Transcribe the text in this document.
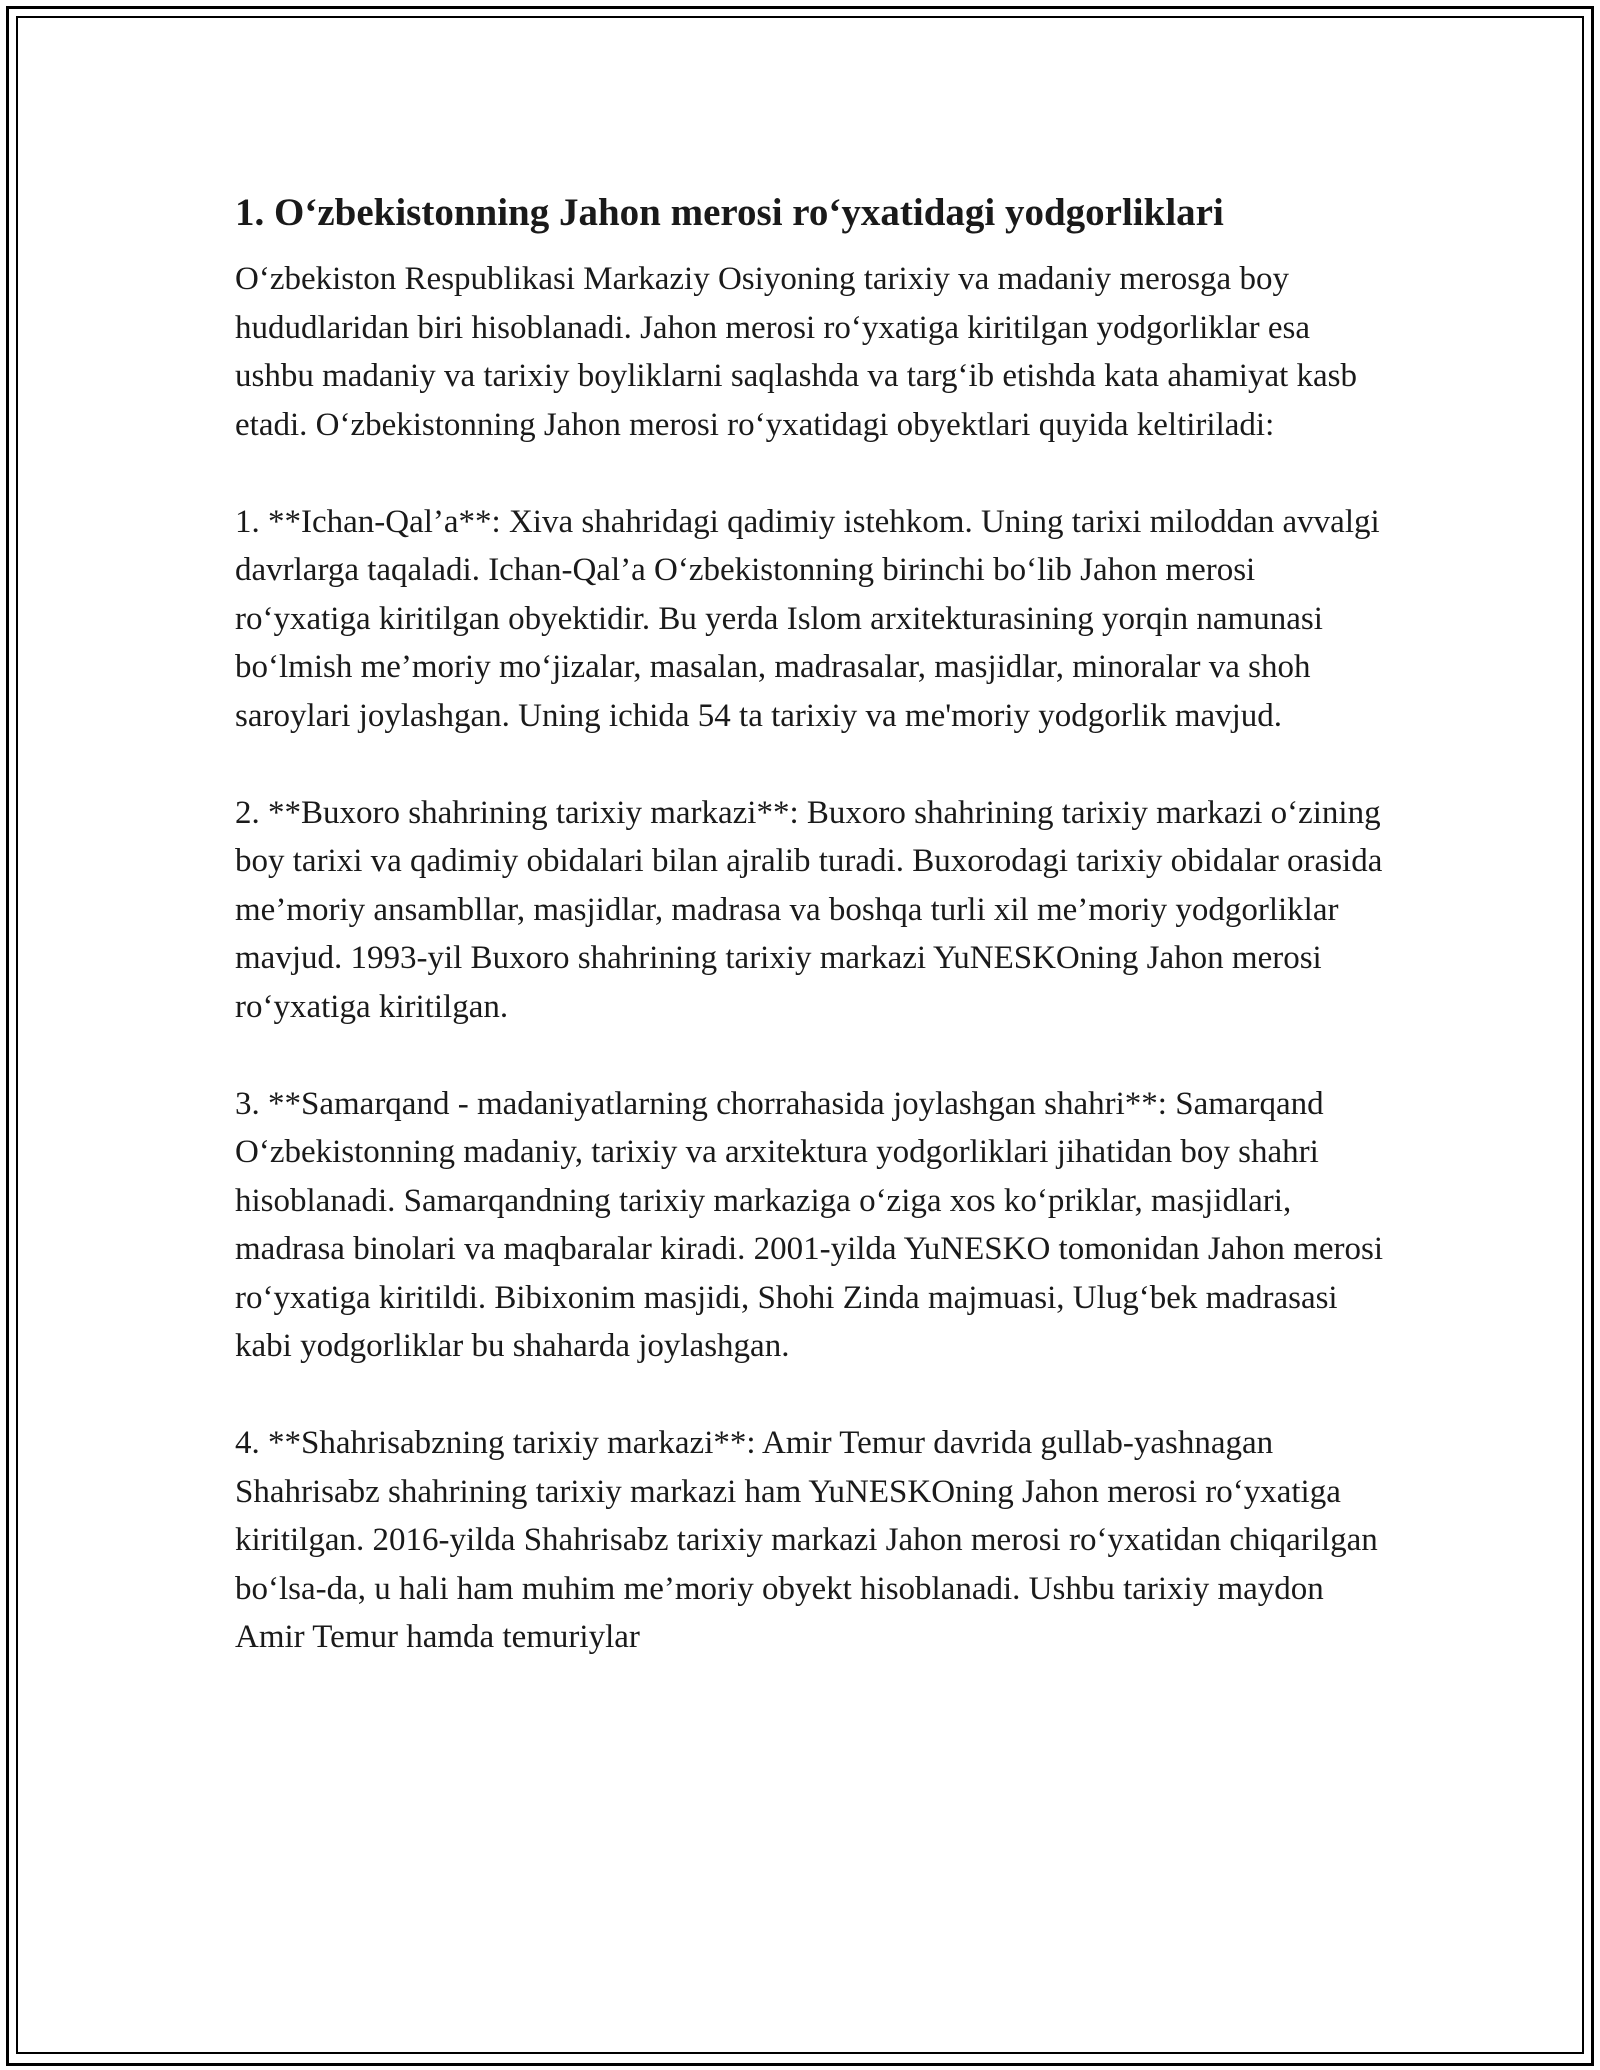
1. O‘zbekistonning Jahon merosi ro‘yxatidagi yodgorliklari

O‘zbekiston Respublikasi Markaziy Osiyoning tarixiy va madaniy merosga boy hududlaridan biri hisoblanadi. Jahon merosi ro‘yxatiga kiritilgan yodgorliklar esa ushbu madaniy va tarixiy boyliklarni saqlashda va targ‘ib etishda kata ahamiyat kasb etadi. O‘zbekistonning Jahon merosi ro‘yxatidagi obyektlari quyida keltiriladi:

1. **Ichan-Qal’a**: Xiva shahridagi qadimiy istehkom. Uning tarixi miloddan avvalgi davrlarga taqaladi. Ichan-Qal’a O‘zbekistonning birinchi bo‘lib Jahon merosi ro‘yxatiga kiritilgan obyektidir. Bu yerda Islom arxitekturasining yorqin namunasi bo‘lmish me’moriy mo‘jizalar, masalan, madrasalar, masjidlar, minoralar va shoh saroylari joylashgan. Uning ichida 54 ta tarixiy va me'moriy yodgorlik mavjud.

2. **Buxoro shahrining tarixiy markazi**: Buxoro shahrining tarixiy markazi o‘zining boy tarixi va qadimiy obidalari bilan ajralib turadi. Buxorodagi tarixiy obidalar orasida me’moriy ansambllar, masjidlar, madrasa va boshqa turli xil me’moriy yodgorliklar mavjud. 1993-yil Buxoro shahrining tarixiy markazi YuNESKOning Jahon merosi ro‘yxatiga kiritilgan.

3. **Samarqand - madaniyatlarning chorrahasida joylashgan shahri**: Samarqand O‘zbekistonning madaniy, tarixiy va arxitektura yodgorliklari jihatidan boy shahri hisoblanadi. Samarqandning tarixiy markaziga o‘ziga xos ko‘priklar, masjidlari, madrasa binolari va maqbaralar kiradi. 2001-yilda YuNESKO tomonidan Jahon merosi ro‘yxatiga kiritildi. Bibixonim masjidi, Shohi Zinda majmuasi, Ulug‘bek madrasasi kabi yodgorliklar bu shaharda joylashgan.

4. **Shahrisabzning tarixiy markazi**: Amir Temur davrida gullab-yashnagan Shahrisabz shahrining tarixiy markazi ham YuNESKOning Jahon merosi ro‘yxatiga kiritilgan. 2016-yilda Shahrisabz tarixiy markazi Jahon merosi ro‘yxatidan chiqarilgan bo‘lsa-da, u hali ham muhim me’moriy obyekt hisoblanadi. Ushbu tarixiy maydon Amir Temur hamda temuriylar
